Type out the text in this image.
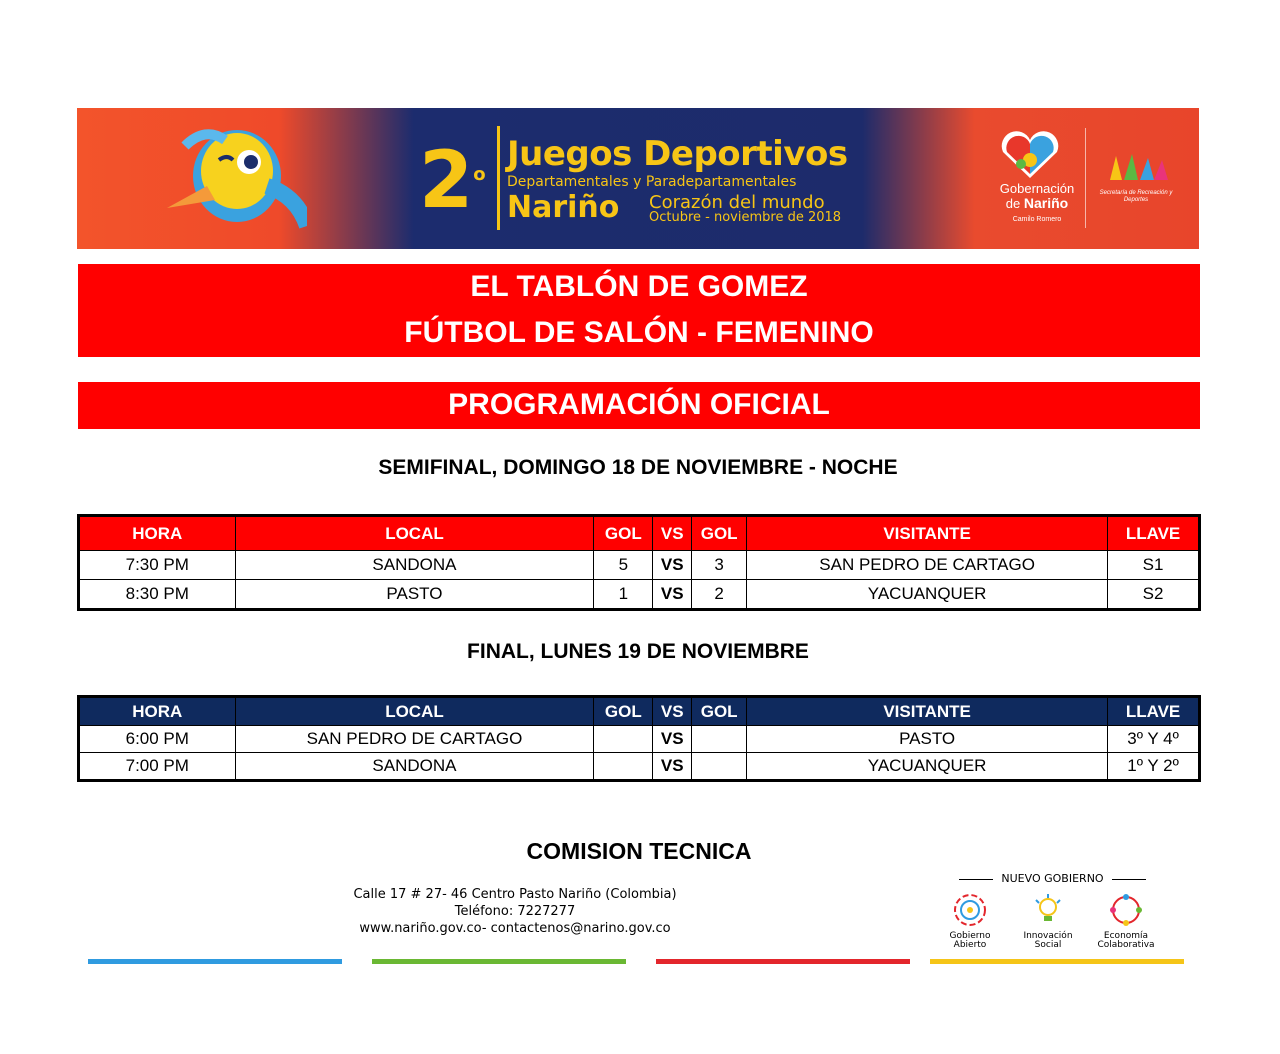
2$^o$
Juegos Deportivos
Departamentales y Paradepartamentales
Nariño Corazón del mundo
Octubre - noviembre de 2018
Gobernación
de Nariño
Camilo Romero
Secretaría de Recreación y Deportes
EL TABLÓN DE GOMEZ
FÚTBOL DE SALÓN - FEMENINO
PROGRAMACIÓN OFICIAL
SEMIFINAL, DOMINGO 18 DE NOVIEMBRE - NOCHE
HORA	LOCAL	GOL	VS	GOL	VISITANTE	LLAVE
7:30 PM	SANDONA	5	VS	3	SAN PEDRO DE CARTAGO	S1
8:30 PM	PASTO	1	VS	2	YACUANQUER	S2
FINAL, LUNES 19 DE NOVIEMBRE
HORA	LOCAL	GOL	VS	GOL	VISITANTE	LLAVE
6:00 PM	SAN PEDRO DE CARTAGO		VS		PASTO	3º Y 4º
7:00 PM	SANDONA		VS		YACUANQUER	1º Y 2º
COMISION TECNICA
Calle 17 # 27- 46 Centro Pasto Nariño (Colombia)
Teléfono: 7227277
www.nariño.gov.co- contactenos@narino.gov.co
NUEVO GOBIERNO
Gobierno
Abierto
Innovación
Social
Economía
Colaborativa
